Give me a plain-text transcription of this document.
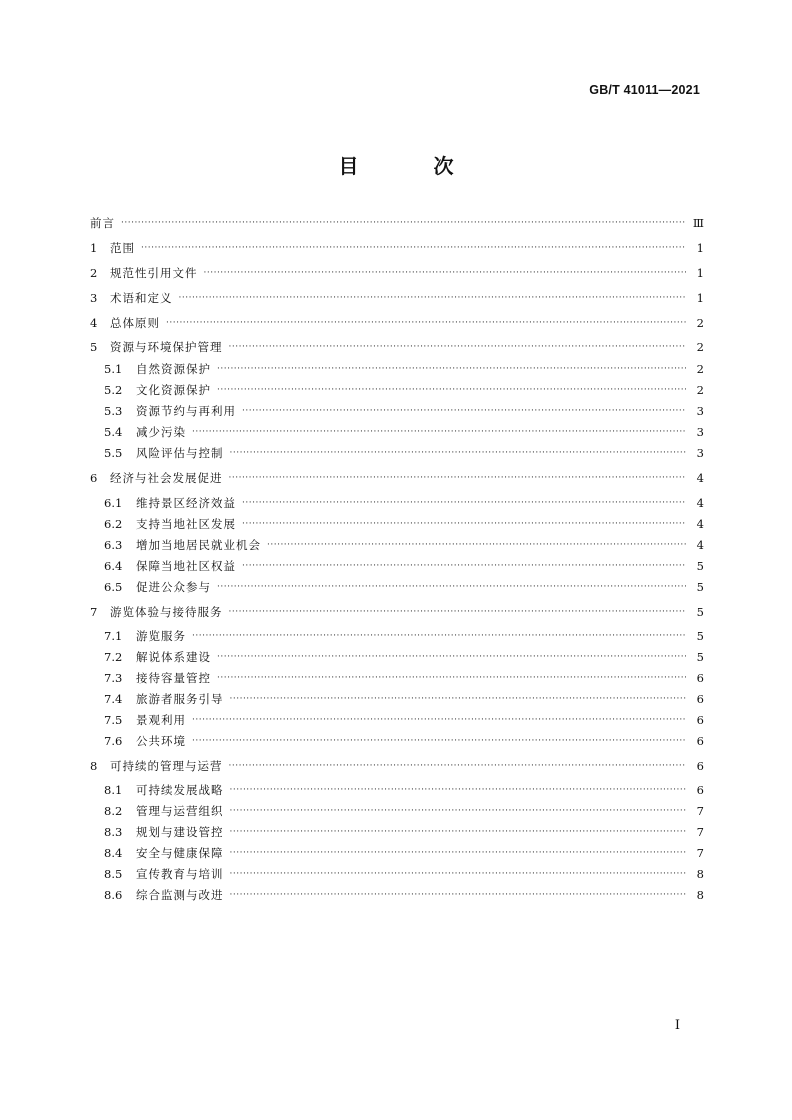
GB/T 41011—2021
目 次
前言 ·····	Ⅲ
1	范围 ·····	1
2	规范性引用文件 ·····	1
3	术语和定义 ·····	1
4	总体原则 ·····	2
5	资源与环境保护管理 ·····	2
5.1	自然资源保护 ·····	2
5.2	文化资源保护 ·····	2
5.3	资源节约与再利用 ·····	3
5.4	减少污染 ·····	3
5.5	风险评估与控制 ·····	3
6	经济与社会发展促进 ·····	4
6.1	维持景区经济效益 ·····	4
6.2	支持当地社区发展 ·····	4
6.3	增加当地居民就业机会 ·····	4
6.4	保障当地社区权益 ·····	5
6.5	促进公众参与 ·····	5
7	游览体验与接待服务 ·····	5
7.1	游览服务 ·····	5
7.2	解说体系建设 ·····	5
7.3	接待容量管控 ·····	6
7.4	旅游者服务引导 ·····	6
7.5	景观利用 ·····	6
7.6	公共环境 ·····	6
8	可持续的管理与运营 ·····	6
8.1	可持续发展战略 ·····	6
8.2	管理与运营组织 ·····	7
8.3	规划与建设管控 ·····	7
8.4	安全与健康保障 ·····	7
8.5	宣传教育与培训 ·····	8
8.6	综合监测与改进 ·····	8
I
